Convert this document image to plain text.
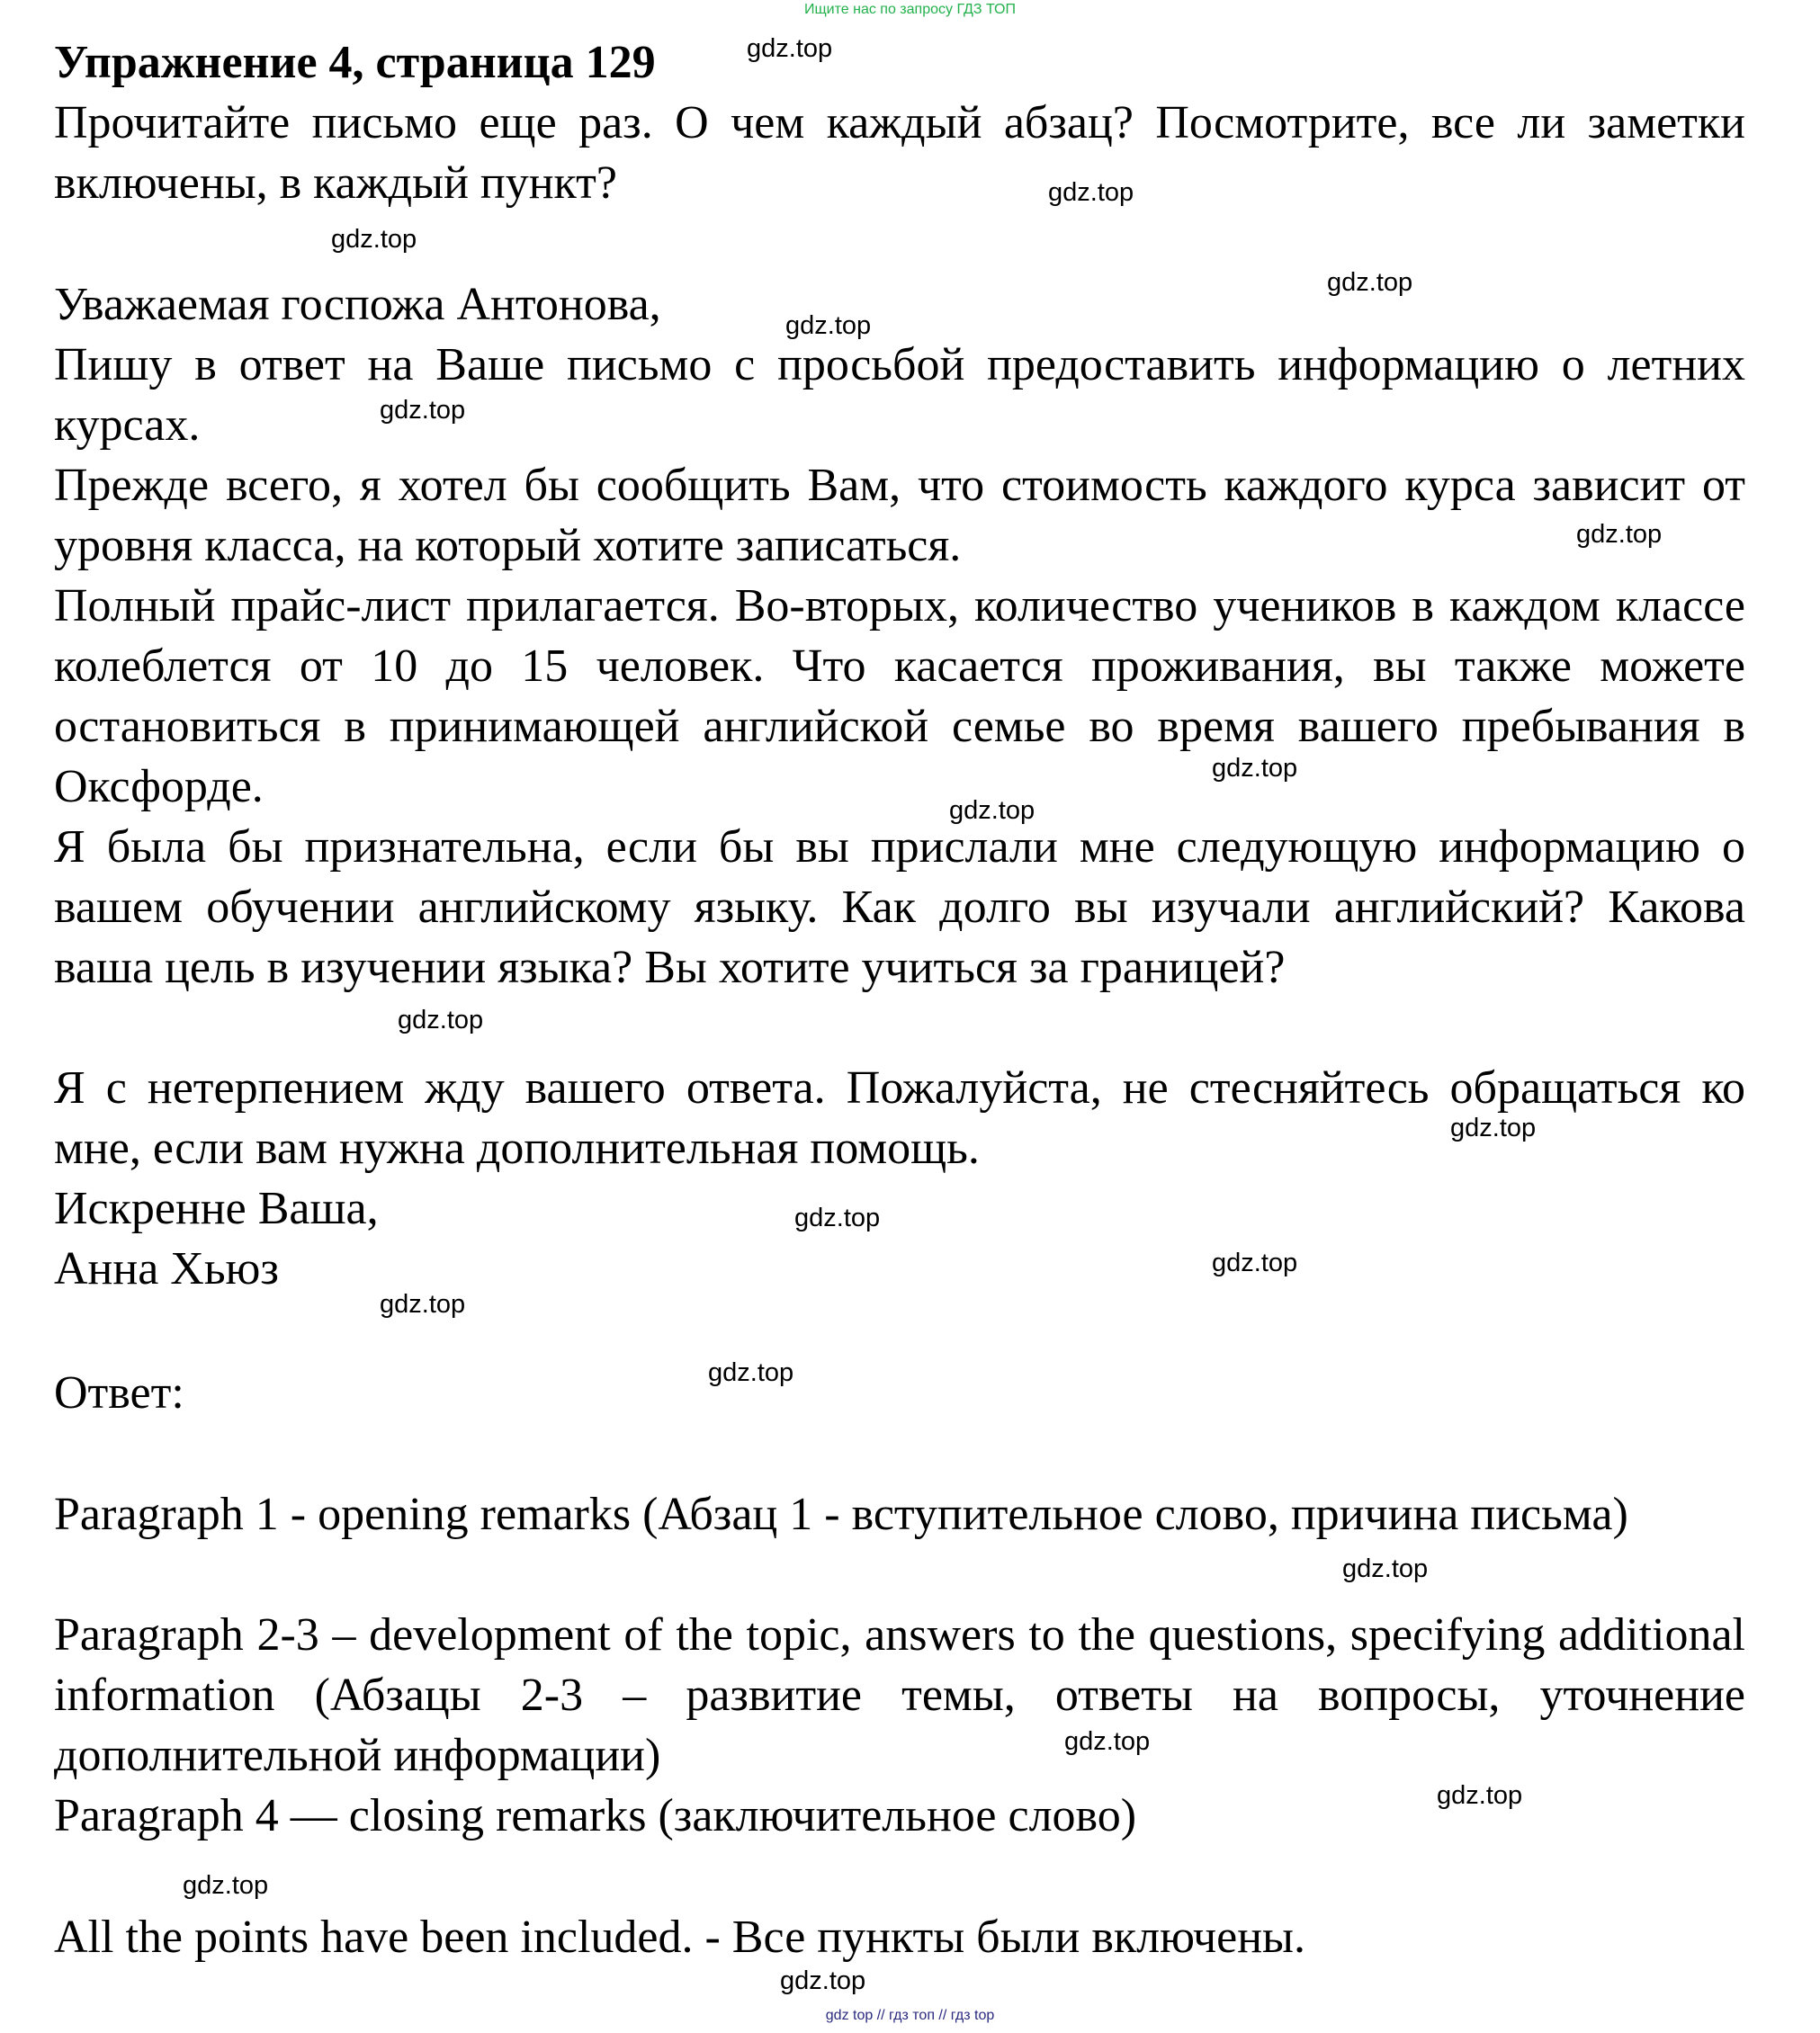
Ищите нас по запросу ГДЗ ТОП
Упражнение 4, страница 129
Прочитайте письмо еще раз. О чем каждый абзац? Посмотрите, все ли заметки включены, в каждый пункт?
Уважаемая госпожа Антонова,
Пишу в ответ на Ваше письмо с просьбой предоставить информацию о летних курсах.
Прежде всего, я хотел бы сообщить Вам, что стоимость каждого курса зависит от уровня класса, на который хотите записаться.
Полный прайс-лист прилагается. Во-вторых, количество учеников в каждом классе колеблется от 10 до 15 человек. Что касается проживания, вы также можете остановиться в принимающей английской семье во время вашего пребывания в Оксфорде.
Я была бы признательна, если бы вы прислали мне следующую информацию о вашем обучении английскому языку. Как долго вы изучали английский? Какова ваша цель в изучении языка? Вы хотите учиться за границей?
Я с нетерпением жду вашего ответа. Пожалуйста, не стесняйтесь обращаться ко мне, если вам нужна дополнительная помощь.
Искренне Ваша,
Анна Хьюз
Ответ:
Paragraph 1 - opening remarks (Абзац 1 - вступительное слово, причина письма)
Paragraph 2-3 – development of the topic, answers to the questions, specifying additional information (Абзацы 2-3 – развитие темы, ответы на вопросы, уточнение дополнительной информации)
Paragraph 4 — closing remarks (заключительное слово)
All the points have been included. - Все пункты были включены.
gdz.top
gdz.top
gdz.top
gdz.top
gdz.top
gdz.top
gdz.top
gdz.top
gdz.top
gdz.top
gdz.top
gdz.top
gdz.top
gdz.top
gdz.top
gdz.top
gdz.top
gdz.top
gdz.top
gdz.top
gdz top // гдз топ // гдз top
